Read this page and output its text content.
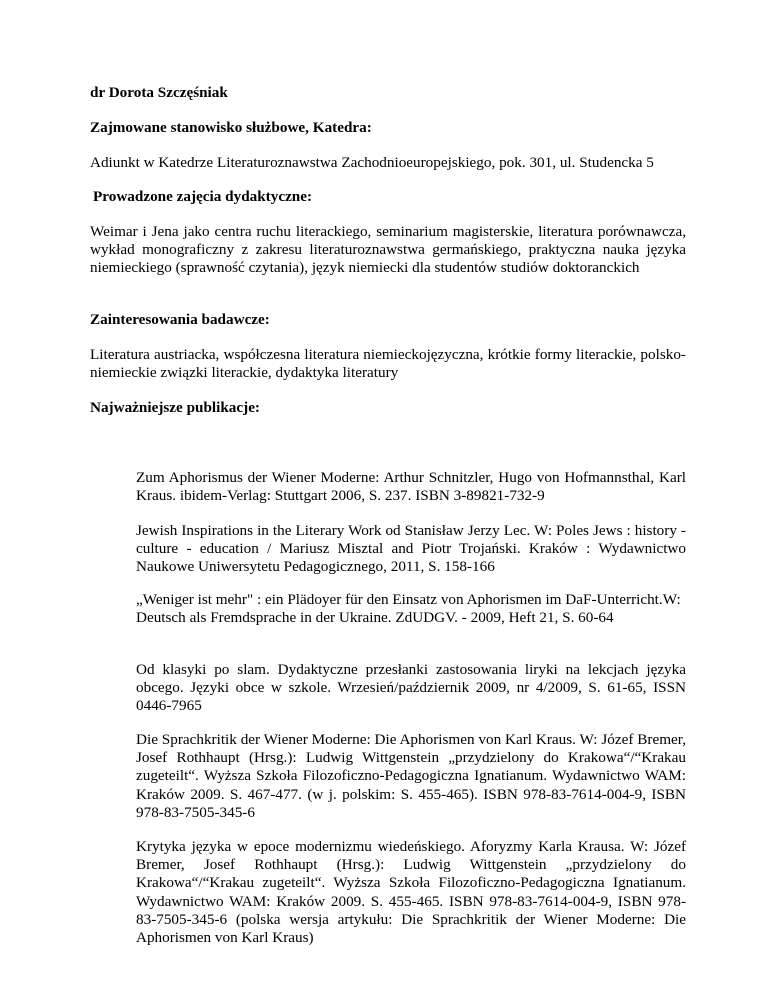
dr Dorota Szczęśniak

Zajmowane stanowisko służbowe, Katedra:

Adiunkt w Katedrze Literaturoznawstwa Zachodnioeuropejskiego, pok. 301, ul. Studencka 5

Prowadzone zajęcia dydaktyczne:

Weimar i Jena jako centra ruchu literackiego, seminarium magisterskie, literatura porównawcza, wykład monograficzny z zakresu literaturoznawstwa germańskiego, praktyczna nauka języka niemieckiego (sprawność czytania), język niemiecki dla studentów studiów doktoranckich

Zainteresowania badawcze:

Literatura austriacka, współczesna literatura niemieckojęzyczna, krótkie formy literackie, polsko-niemieckie związki literackie, dydaktyka literatury

Najważniejsze publikacje:

Zum Aphorismus der Wiener Moderne: Arthur Schnitzler, Hugo von Hofmannsthal, Karl Kraus. ibidem-Verlag: Stuttgart 2006, S. 237. ISBN 3-89821-732-9

Jewish Inspirations in the Literary Work od Stanisław Jerzy Lec. W: Poles Jews : history - culture - education / Mariusz Misztal and Piotr Trojański. Kraków : Wydawnictwo Naukowe Uniwersytetu Pedagogicznego, 2011, S. 158-166

„Weniger ist mehr" : ein Plädoyer für den Einsatz von Aphorismen im DaF-Unterricht.W: Deutsch als Fremdsprache in der Ukraine. ZdUDGV. - 2009, Heft 21, S. 60-64

Od klasyki po slam. Dydaktyczne przesłanki zastosowania liryki na lekcjach języka obcego. Języki obce w szkole. Wrzesień/październik 2009, nr 4/2009, S. 61-65, ISSN 0446-7965

Die Sprachkritik der Wiener Moderne: Die Aphorismen von Karl Kraus. W: Józef Bremer, Josef Rothhaupt (Hrsg.): Ludwig Wittgenstein „przydzielony do Krakowa“/“Krakau zugeteilt“. Wyższa Szkoła Filozoficzno-Pedagogiczna Ignatianum. Wydawnictwo WAM: Kraków 2009. S. 467-477. (w j. polskim: S. 455-465). ISBN 978-83-7614-004-9, ISBN 978-83-7505-345-6

Krytyka języka w epoce modernizmu wiedeńskiego. Aforyzmy Karla Krausa. W: Józef Bremer, Josef Rothhaupt (Hrsg.): Ludwig Wittgenstein „przydzielony do Krakowa“/“Krakau zugeteilt“. Wyższa Szkoła Filozoficzno-Pedagogiczna Ignatianum. Wydawnictwo WAM: Kraków 2009. S. 455-465. ISBN 978-83-7614-004-9, ISBN 978-83-7505-345-6 (polska wersja artykułu: Die Sprachkritik der Wiener Moderne: Die Aphorismen von Karl Kraus)
